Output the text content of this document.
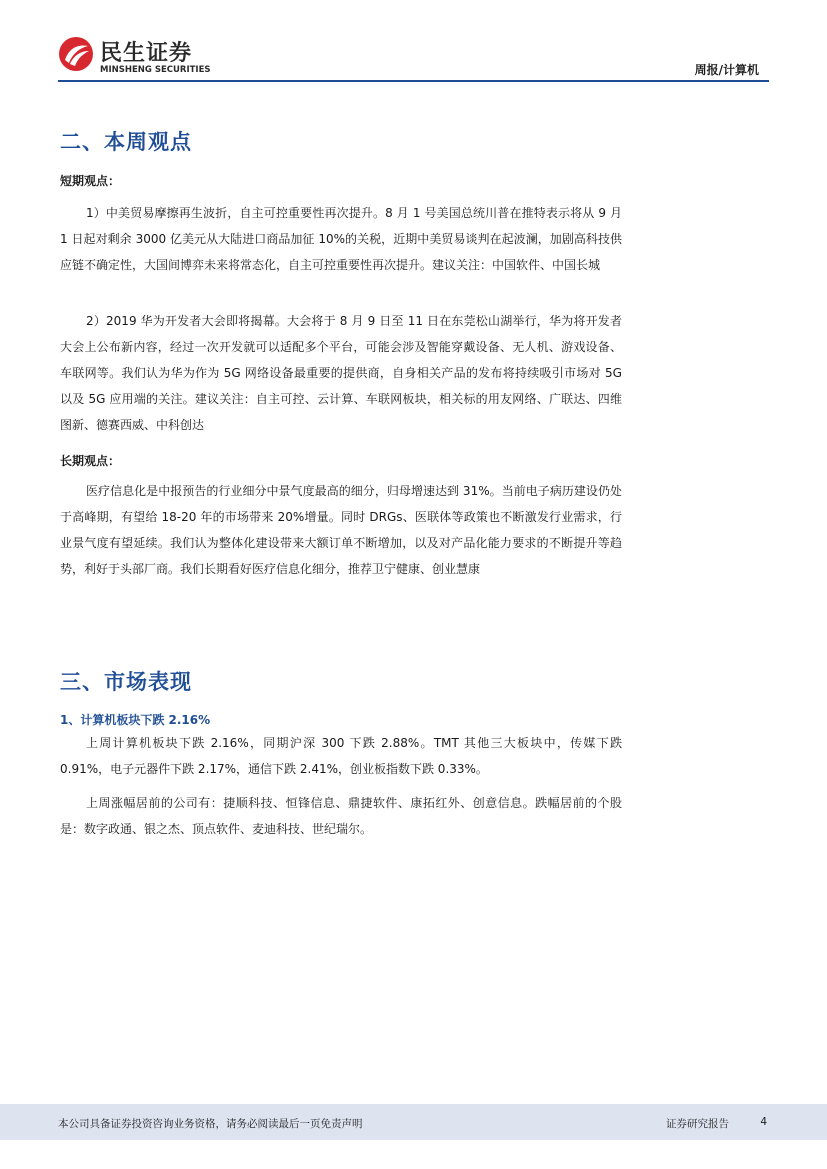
民生证券
MINSHENG SECURITIES	周报/计算机
二、本周观点
短期观点：

1）中美贸易摩擦再生波折，自主可控重要性再次提升。8 月 1 号美国总统川普在推特表示将从 9 月 1 日起对剩余 3000 亿美元从大陆进口商品加征 10%的关税，近期中美贸易谈判在起波澜，加剧高科技供应链不确定性，大国间博弈未来将常态化，自主可控重要性再次提升。建议关注：中国软件、中国长城

2）2019 华为开发者大会即将揭幕。大会将于 8 月 9 日至 11 日在东莞松山湖举行，华为将开发者大会上公布新内容，经过一次开发就可以适配多个平台，可能会涉及智能穿戴设备、无人机、游戏设备、车联网等。我们认为华为作为 5G 网络设备最重要的提供商，自身相关产品的发布将持续吸引市场对 5G 以及 5G 应用端的关注。建议关注：自主可控、云计算、车联网板块，相关标的用友网络、广联达、四维图新、德赛西威、中科创达

长期观点：

医疗信息化是中报预告的行业细分中景气度最高的细分，归母增速达到 31%。当前电子病历建设仍处于高峰期，有望给 18-20 年的市场带来 20%增量。同时 DRGs、医联体等政策也不断激发行业需求，行业景气度有望延续。我们认为整体化建设带来大额订单不断增加，以及对产品化能力要求的不断提升等趋势，利好于头部厂商。我们长期看好医疗信息化细分，推荐卫宁健康、创业慧康

三、市场表现
1、计算机板块下跌 2.16%

上周计算机板块下跌 2.16%，同期沪深 300 下跌 2.88%。TMT 其他三大板块中，传媒下跌 0.91%，电子元器件下跌 2.17%，通信下跌 2.41%，创业板指数下跌 0.33%。

上周涨幅居前的公司有：捷顺科技、恒锋信息、鼎捷软件、康拓红外、创意信息。跌幅居前的个股是：数字政通、银之杰、顶点软件、麦迪科技、世纪瑞尔。

本公司具备证券投资咨询业务资格，请务必阅读最后一页免责声明	证券研究报告	4
